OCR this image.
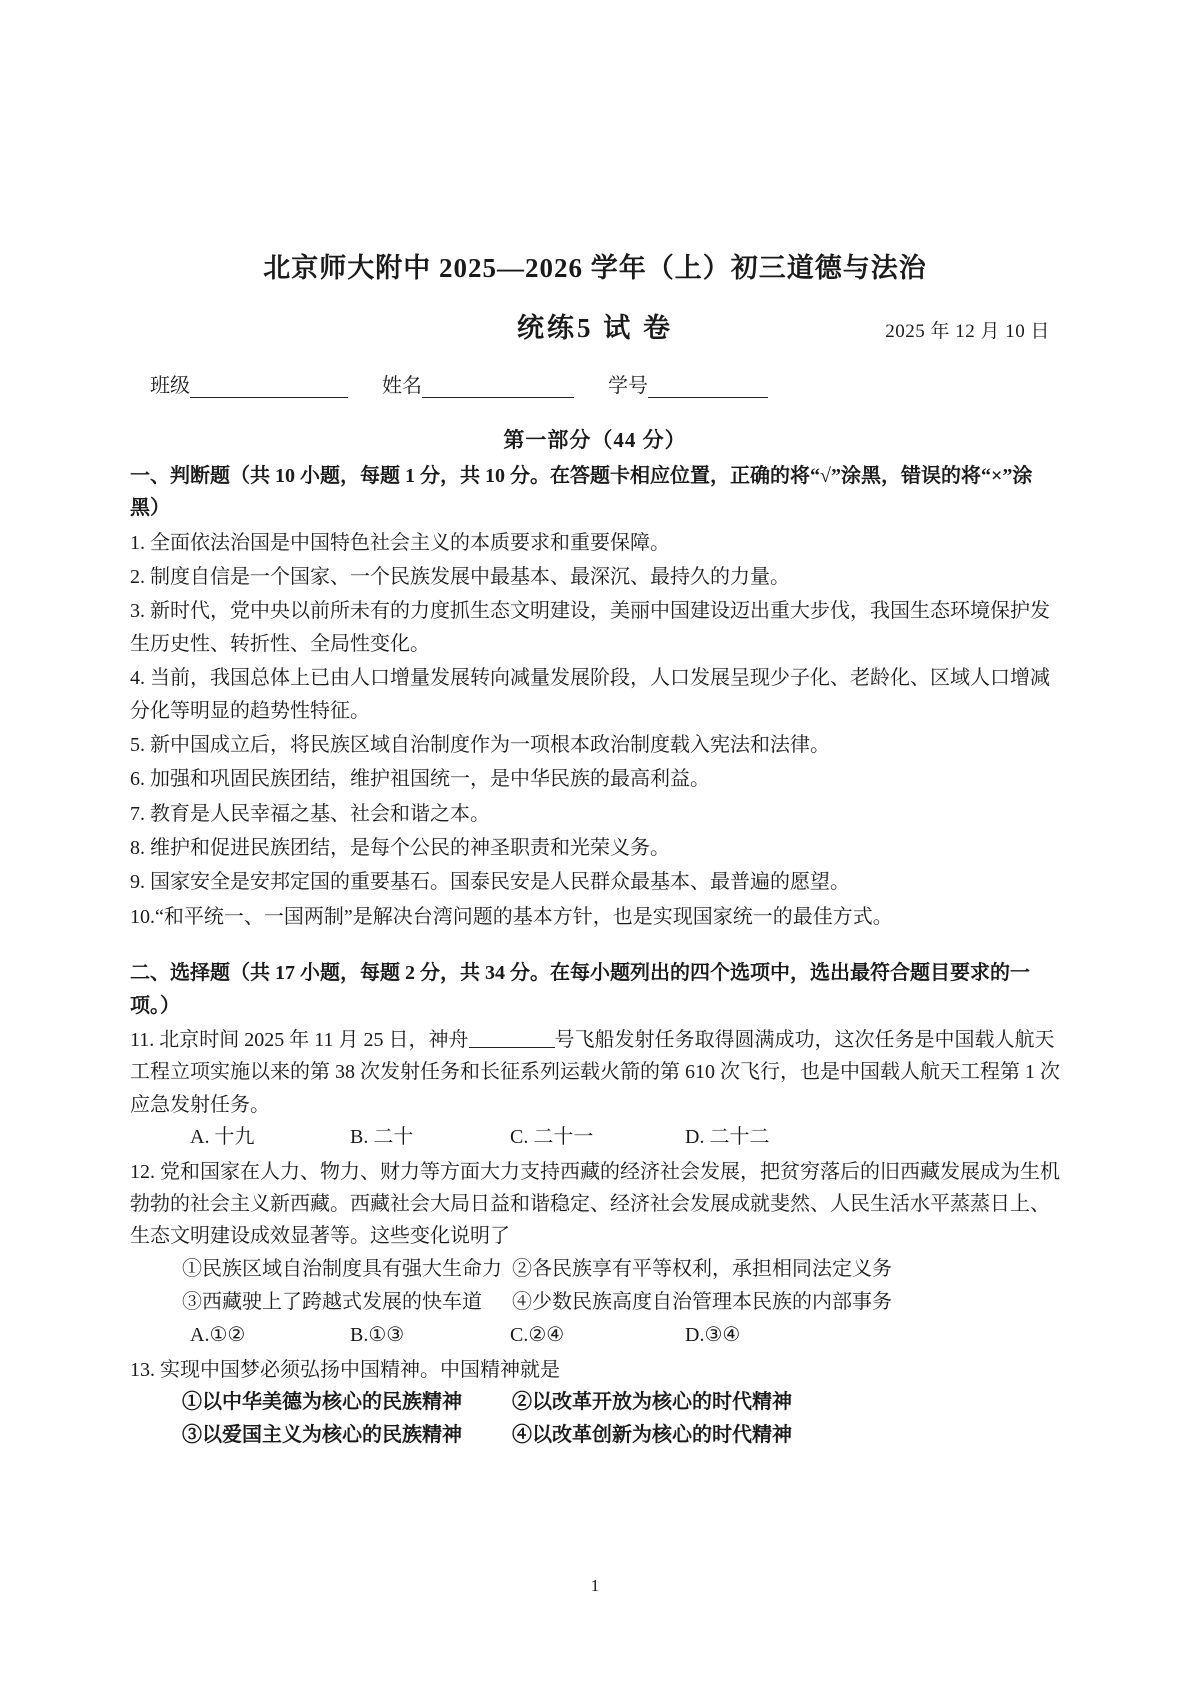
北京师大附中 2025—2026 学年（上）初三道德与法治
统练5 试 卷	2025 年 12 月 10 日
班级	姓名	学号
第一部分（44 分）
一、判断题（共 10 小题，每题 1 分，共 10 分。在答题卡相应位置，正确的将“√”涂黑，错误的将“×”涂黑）
1. 全面依法治国是中国特色社会主义的本质要求和重要保障。
2. 制度自信是一个国家、一个民族发展中最基本、最深沉、最持久的力量。
3. 新时代，党中央以前所未有的力度抓生态文明建设，美丽中国建设迈出重大步伐，我国生态环境保护发生历史性、转折性、全局性变化。
4. 当前，我国总体上已由人口增量发展转向减量发展阶段，人口发展呈现少子化、老龄化、区域人口增减分化等明显的趋势性特征。
5. 新中国成立后，将民族区域自治制度作为一项根本政治制度载入宪法和法律。
6. 加强和巩固民族团结，维护祖国统一，是中华民族的最高利益。
7. 教育是人民幸福之基、社会和谐之本。
8. 维护和促进民族团结，是每个公民的神圣职责和光荣义务。
9. 国家安全是安邦定国的重要基石。国泰民安是人民群众最基本、最普遍的愿望。
10.“和平统一、一国两制”是解决台湾问题的基本方针，也是实现国家统一的最佳方式。
二、选择题（共 17 小题，每题 2 分，共 34 分。在每小题列出的四个选项中，选出最符合题目要求的一项。）
11. 北京时间 2025 年 11 月 25 日，神舟	号飞船发射任务取得圆满成功，这次任务是中国载人航天工程立项实施以来的第 38 次发射任务和长征系列运载火箭的第 610 次飞行，也是中国载人航天工程第 1 次应急发射任务。
A. 十九	B. 二十	C. 二十一	D. 二十二
12. 党和国家在人力、物力、财力等方面大力支持西藏的经济社会发展，把贫穷落后的旧西藏发展成为生机勃勃的社会主义新西藏。西藏社会大局日益和谐稳定、经济社会发展成就斐然、人民生活水平蒸蒸日上、生态文明建设成效显著等。这些变化说明了
①民族区域自治制度具有强大生命力 ②各民族享有平等权利，承担相同法定义务
③西藏驶上了跨越式发展的快车道	④少数民族高度自治管理本民族的内部事务
A.①②	B.①③	C.②④	D.③④
13. 实现中国梦必须弘扬中国精神。中国精神就是
①以中华美德为核心的民族精神	②以改革开放为核心的时代精神
③以爱国主义为核心的民族精神	④以改革创新为核心的时代精神
1
